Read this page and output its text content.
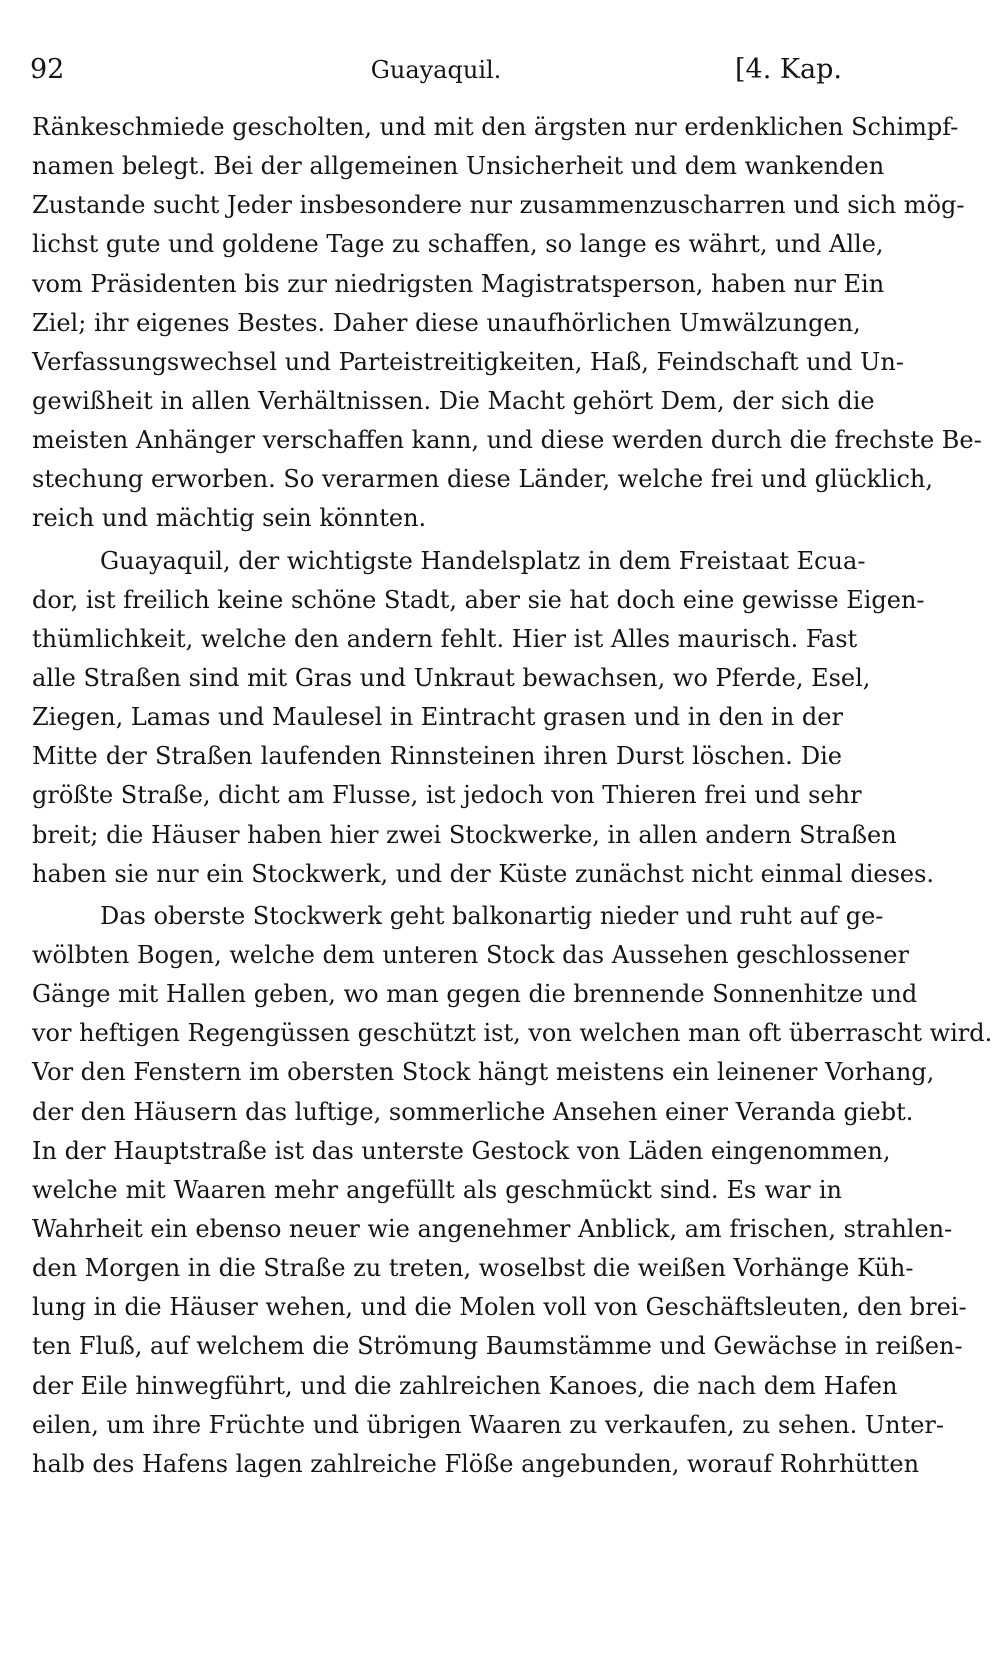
92	Guayaquil.	[4. Kap.
Ränkeschmiede gescholten, und mit den ärgsten nur erdenklichen Schimpf-
namen belegt. Bei der allgemeinen Unsicherheit und dem wankenden
Zustande sucht Jeder insbesondere nur zusammenzuscharren und sich mög-
lichst gute und goldene Tage zu schaffen, so lange es währt, und Alle,
vom Präsidenten bis zur niedrigsten Magistratsperson, haben nur Ein
Ziel; ihr eigenes Bestes. Daher diese unaufhörlichen Umwälzungen,
Verfassungswechsel und Parteistreitigkeiten, Haß, Feindschaft und Un-
gewißheit in allen Verhältnissen. Die Macht gehört Dem, der sich die
meisten Anhänger verschaffen kann, und diese werden durch die frechste Be-
stechung erworben. So verarmen diese Länder, welche frei und glücklich,
reich und mächtig sein könnten.
Guayaquil, der wichtigste Handelsplatz in dem Freistaat Ecua-
dor, ist freilich keine schöne Stadt, aber sie hat doch eine gewisse Eigen-
thümlichkeit, welche den andern fehlt. Hier ist Alles maurisch. Fast
alle Straßen sind mit Gras und Unkraut bewachsen, wo Pferde, Esel,
Ziegen, Lamas und Maulesel in Eintracht grasen und in den in der
Mitte der Straßen laufenden Rinnsteinen ihren Durst löschen. Die
größte Straße, dicht am Flusse, ist jedoch von Thieren frei und sehr
breit; die Häuser haben hier zwei Stockwerke, in allen andern Straßen
haben sie nur ein Stockwerk, und der Küste zunächst nicht einmal dieses.
Das oberste Stockwerk geht balkonartig nieder und ruht auf ge-
wölbten Bogen, welche dem unteren Stock das Aussehen geschlossener
Gänge mit Hallen geben, wo man gegen die brennende Sonnenhitze und
vor heftigen Regengüssen geschützt ist, von welchen man oft überrascht wird.
Vor den Fenstern im obersten Stock hängt meistens ein leinener Vorhang,
der den Häusern das luftige, sommerliche Ansehen einer Veranda giebt.
In der Hauptstraße ist das unterste Gestock von Läden eingenommen,
welche mit Waaren mehr angefüllt als geschmückt sind. Es war in
Wahrheit ein ebenso neuer wie angenehmer Anblick, am frischen, strahlen-
den Morgen in die Straße zu treten, woselbst die weißen Vorhänge Küh-
lung in die Häuser wehen, und die Molen voll von Geschäftsleuten, den brei-
ten Fluß, auf welchem die Strömung Baumstämme und Gewächse in reißen-
der Eile hinwegführt, und die zahlreichen Kanoes, die nach dem Hafen
eilen, um ihre Früchte und übrigen Waaren zu verkaufen, zu sehen. Unter-
halb des Hafens lagen zahlreiche Flöße angebunden, worauf Rohrhütten
